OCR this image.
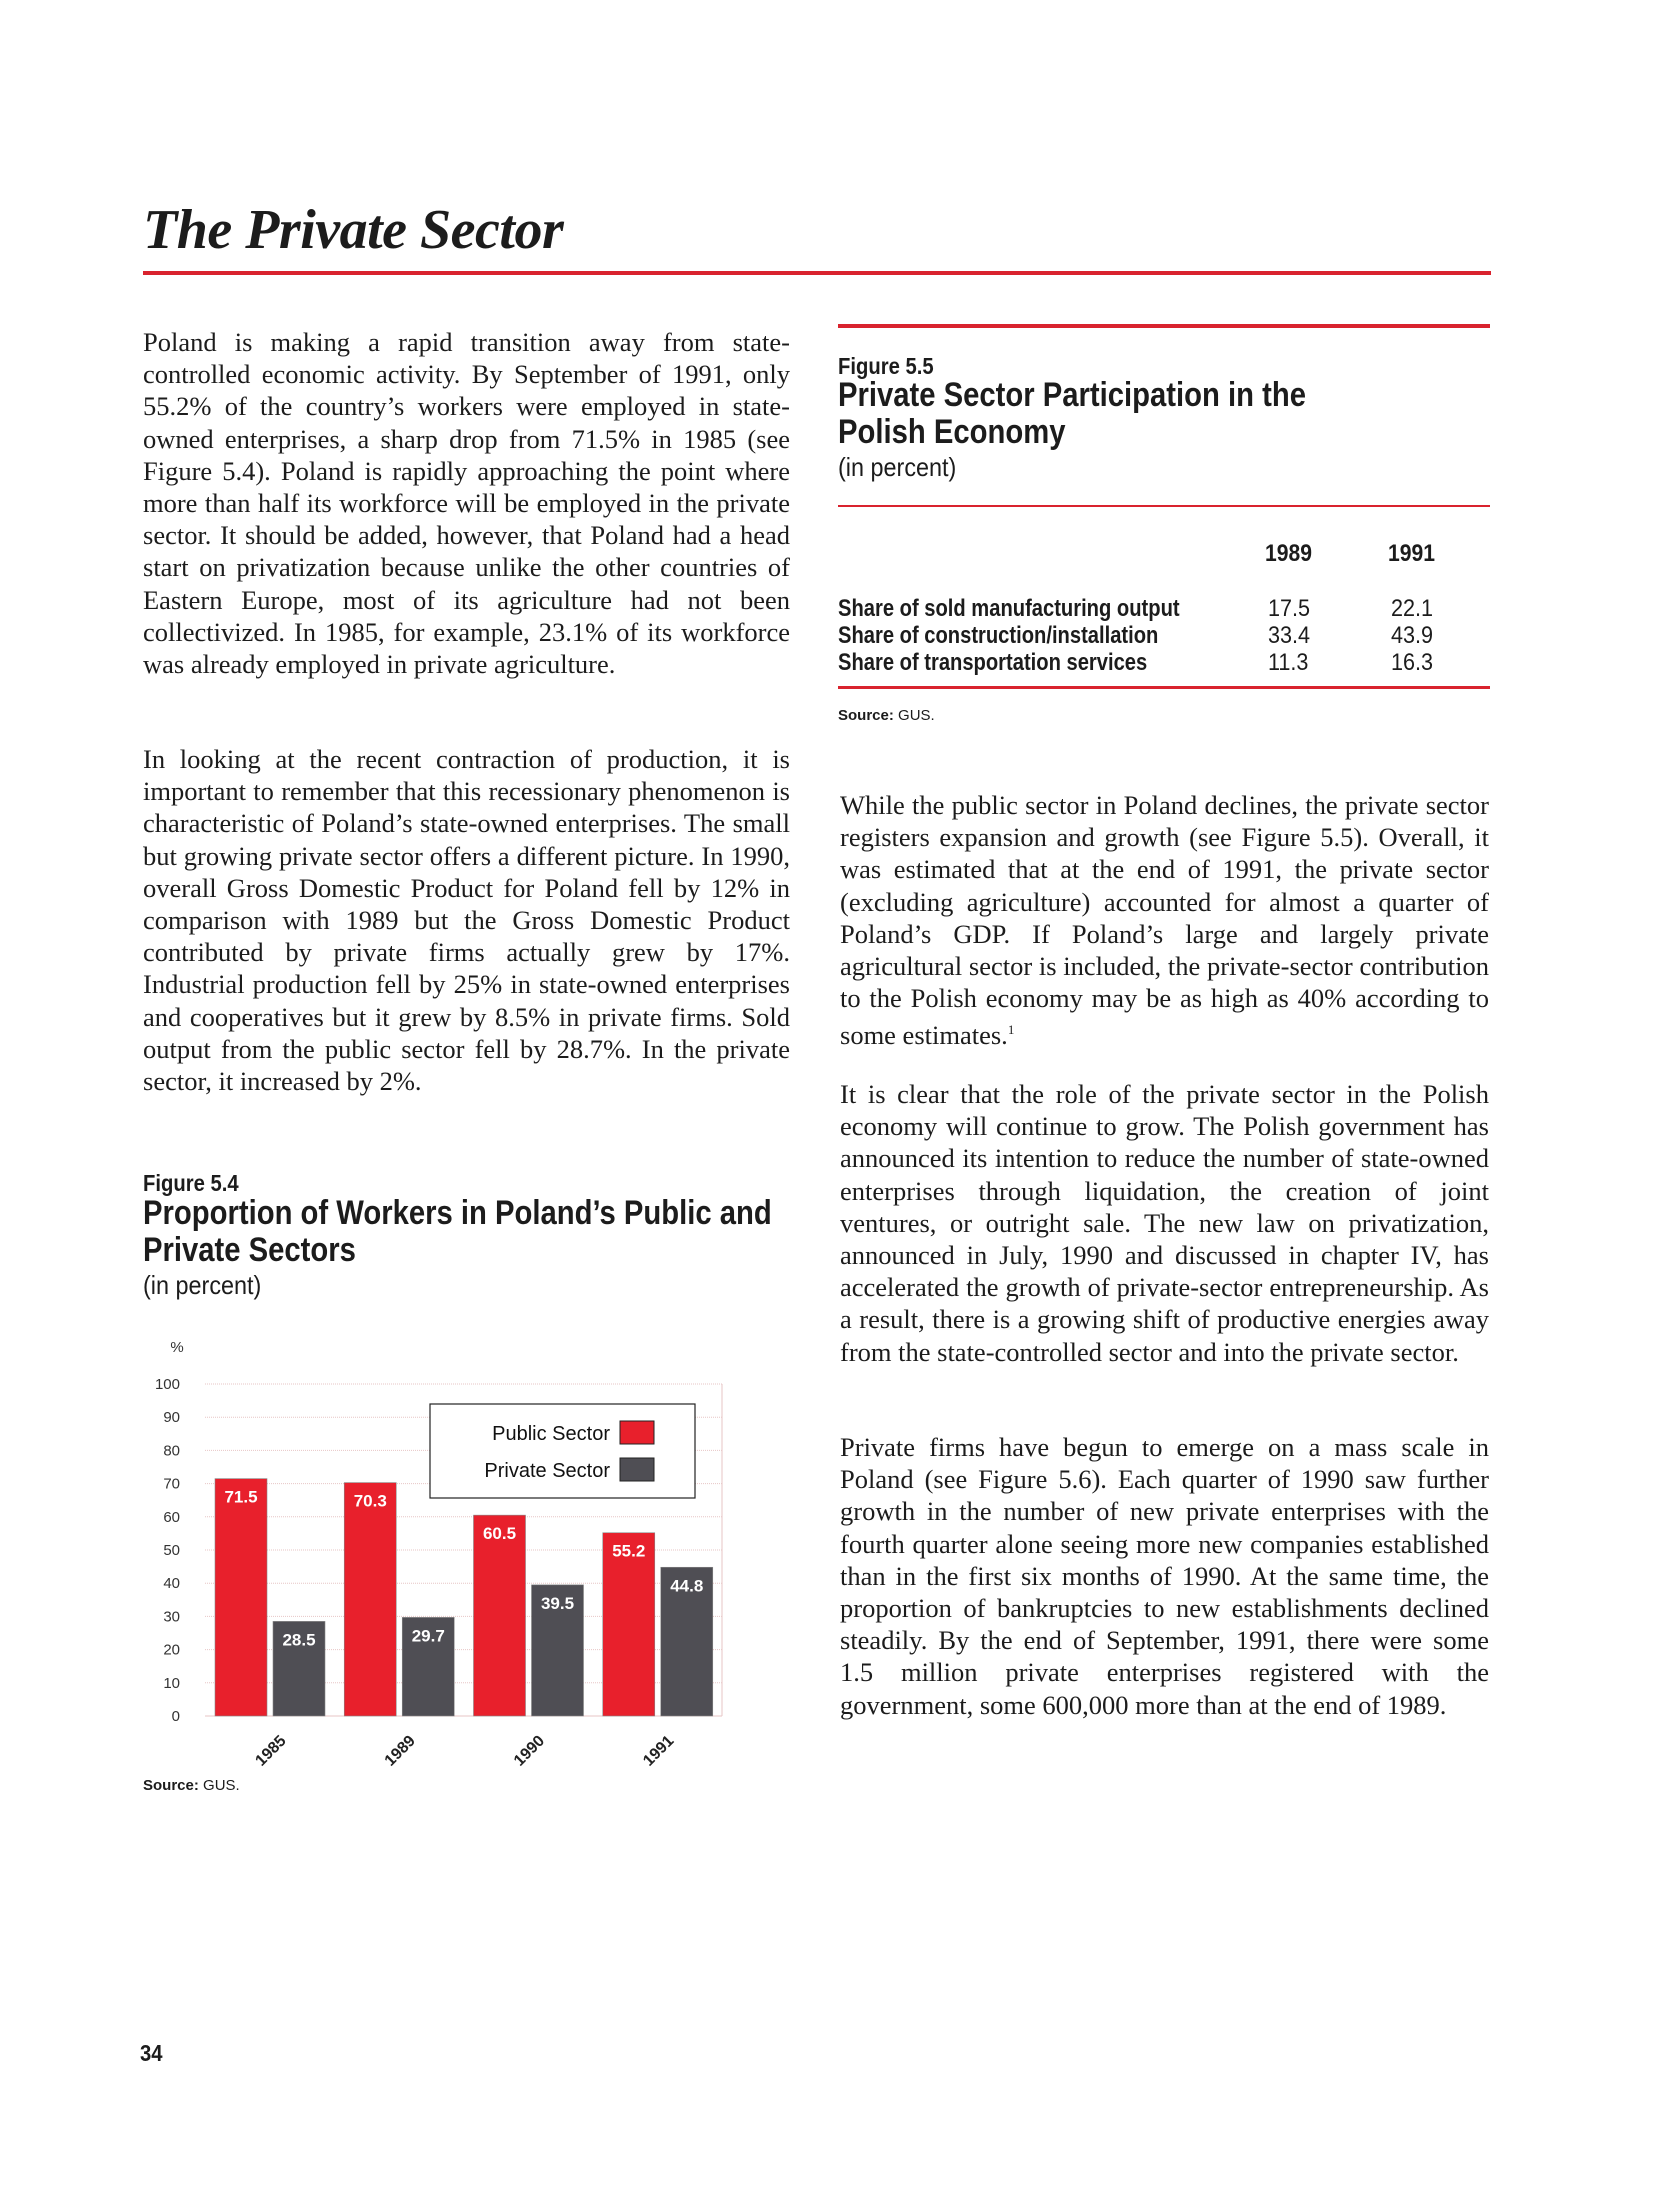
The Private Sector

Poland is making a rapid transition away from state-controlled economic activity. By September of 1991, only 55.2% of the country’s workers were employed in state-owned enterprises, a sharp drop from 71.5% in 1985 (see Figure 5.4). Poland is rapidly approaching the point where more than half its workforce will be employed in the private sector. It should be added, however, that Poland had a head start on privatization because unlike the other countries of Eastern Europe, most of its agriculture had not been collectivized. In 1985, for example, 23.1% of its workforce was already employed in private agriculture.

In looking at the recent contraction of production, it is important to remember that this recessionary phenomenon is characteristic of Poland’s state-owned enterprises. The small but growing private sector offers a different picture. In 1990, overall Gross Domestic Product for Poland fell by 12% in comparison with 1989 but the Gross Domestic Product contributed by private firms actually grew by 17%. Industrial production fell by 25% in state-owned enterprises and cooperatives but it grew by 8.5% in private firms. Sold output from the public sector fell by 28.7%. In the private sector, it increased by 2%.

Figure 5.4
Proportion of Workers in Poland’s Public and
Private Sectors
(in percent)
%
0
10
20
30
40
50
60
70
80
90
100
71.5
28.5
1985
70.3
29.7
1989
60.5
39.5
1990
55.2
44.8
1991
Public Sector
Private Sector
Source: GUS.
Figure 5.5
Private Sector Participation in the
Polish Economy
(in percent)
1989	1991
Share of sold manufacturing output	17.5	22.1
Share of construction/installation	33.4	43.9
Share of transportation services	11.3	16.3
Source: GUS.

While the public sector in Poland declines, the private sector registers expansion and growth (see Figure 5.5). Overall, it was estimated that at the end of 1991, the private sector (excluding agriculture) accounted for almost a quarter of Poland’s GDP. If Poland’s large and largely private agricultural sector is included, the private-sector contribution to the Polish economy may be as high as 40% according to some estimates.$^1$

It is clear that the role of the private sector in the Polish economy will continue to grow. The Polish government has announced its intention to reduce the number of state-owned enterprises through liquidation, the creation of joint ventures, or outright sale. The new law on privatization, announced in July, 1990 and discussed in chapter IV, has accelerated the growth of private-sector entrepreneurship. As a result, there is a growing shift of productive energies away from the state-controlled sector and into the private sector.

Private firms have begun to emerge on a mass scale in Poland (see Figure 5.6). Each quarter of 1990 saw further growth in the number of new private enterprises with the fourth quarter alone seeing more new companies established than in the first six months of 1990. At the same time, the proportion of bankruptcies to new establishments declined steadily. By the end of September, 1991, there were some 1.5 million private enterprises registered with the government, some 600,000 more than at the end of 1989.

34
